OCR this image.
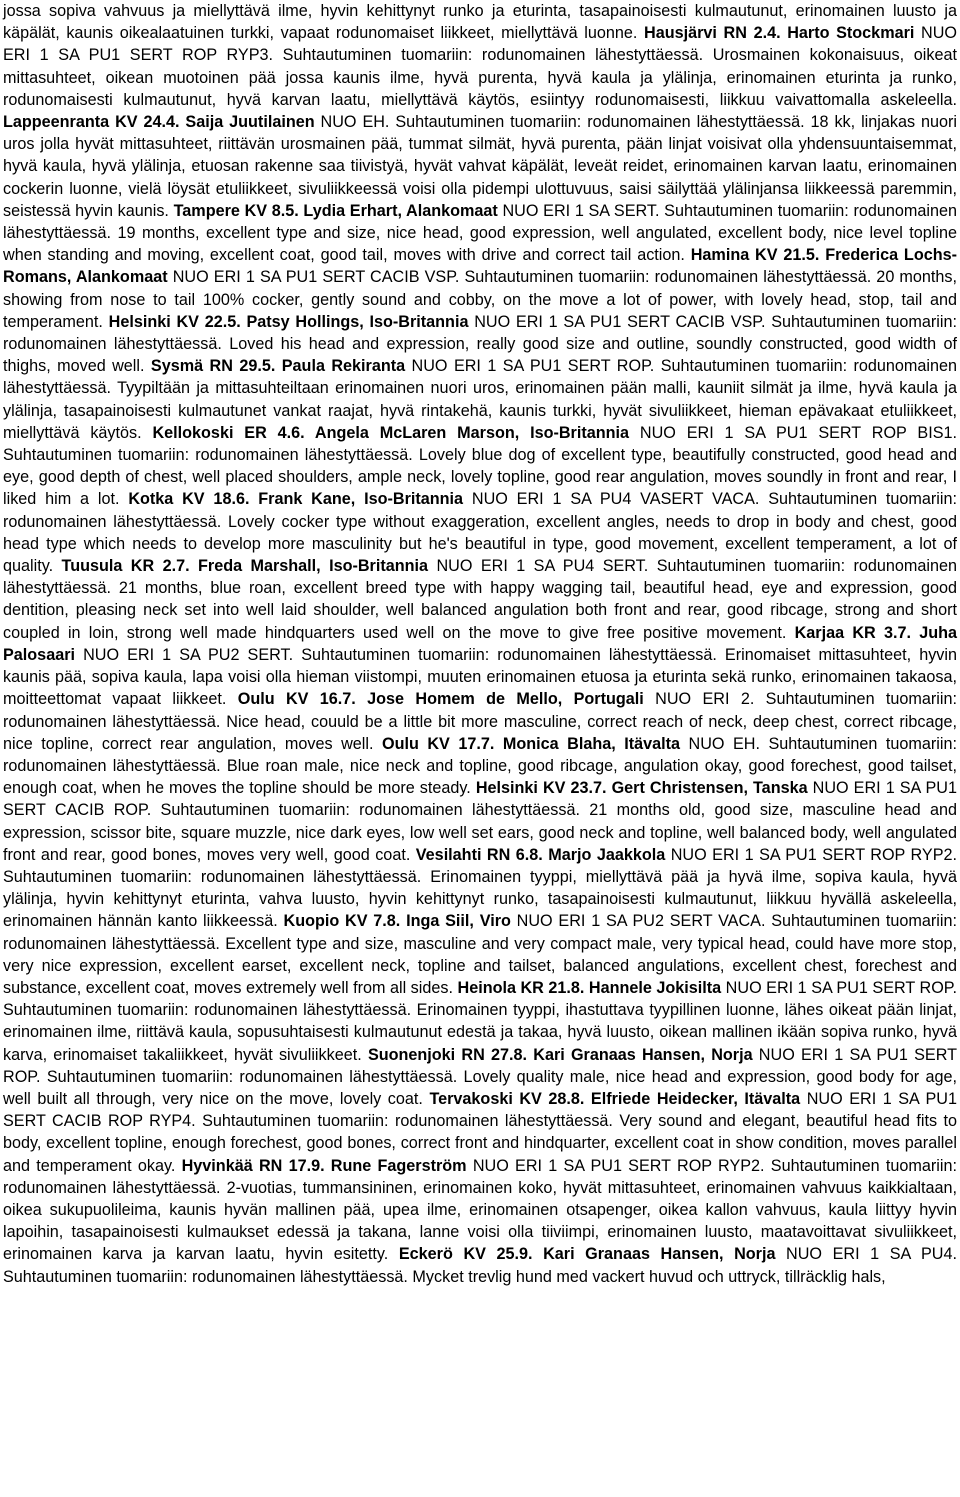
jossa sopiva vahvuus ja miellyttävä ilme, hyvin kehittynyt runko ja eturinta, tasapainoisesti kulmautunut, erinomainen luusto ja käpälät, kaunis oikealaatuinen turkki, vapaat rodunomaiset liikkeet, miellyttävä luonne. Hausjärvi RN 2.4. Harto Stockmari NUO ERI 1 SA PU1 SERT ROP RYP3. Suhtautuminen tuomariin: rodunomainen lähestyttäessä. Urosmainen kokonaisuus, oikeat mittasuhteet, oikean muotoinen pää jossa kaunis ilme, hyvä purenta, hyvä kaula ja ylälinja, erinomainen eturinta ja runko, rodunomaisesti kulmautunut, hyvä karvan laatu, miellyttävä käytös, esiintyy rodunomaisesti, liikkuu vaivattomalla askeleella. Lappeenranta KV 24.4. Saija Juutilainen NUO EH. Suhtautuminen tuomariin: rodunomainen lähestyttäessä. 18 kk, linjakas nuori uros jolla hyvät mittasuhteet, riittävän urosmainen pää, tummat silmät, hyvä purenta, pään linjat voisivat olla yhdensuuntaisemmat, hyvä kaula, hyvä ylälinja, etuosan rakenne saa tiivistyä, hyvät vahvat käpälät, leveät reidet, erinomainen karvan laatu, erinomainen cockerin luonne, vielä löysät etuliikkeet, sivuliikkeessä voisi olla pidempi ulottuvuus, saisi säilyttää ylälinjansa liikkeessä paremmin, seistessä hyvin kaunis. Tampere KV 8.5. Lydia Erhart, Alankomaat NUO ERI 1 SA SERT. Suhtautuminen tuomariin: rodunomainen lähestyttäessä. 19 months, excellent type and size, nice head, good expression, well angulated, excellent body, nice level topline when standing and moving, excellent coat, good tail, moves with drive and correct tail action. Hamina KV 21.5. Frederica Lochs-Romans, Alankomaat NUO ERI 1 SA PU1 SERT CACIB VSP. Suhtautuminen tuomariin: rodunomainen lähestyttäessä. 20 months, showing from nose to tail 100% cocker, gently sound and cobby, on the move a lot of power, with lovely head, stop, tail and temperament. Helsinki KV 22.5. Patsy Hollings, Iso-Britannia NUO ERI 1 SA PU1 SERT CACIB VSP. Suhtautuminen tuomariin: rodunomainen lähestyttäessä. Loved his head and expression, really good size and outline, soundly constructed, good width of thighs, moved well. Sysmä RN 29.5. Paula Rekiranta NUO ERI 1 SA PU1 SERT ROP. Suhtautuminen tuomariin: rodunomainen lähestyttäessä. Tyypiltään ja mittasuhteiltaan erinomainen nuori uros, erinomainen pään malli, kauniit silmät ja ilme, hyvä kaula ja ylälinja, tasapainoisesti kulmautunet vankat raajat, hyvä rintakehä, kaunis turkki, hyvät sivuliikkeet, hieman epävakaat etuliikkeet, miellyttävä käytös. Kellokoski ER 4.6. Angela McLaren Marson, Iso-Britannia NUO ERI 1 SA PU1 SERT ROP BIS1. Suhtautuminen tuomariin: rodunomainen lähestyttäessä. Lovely blue dog of excellent type, beautifully constructed, good head and eye, good depth of chest, well placed shoulders, ample neck, lovely topline, good rear angulation, moves soundly in front and rear, I liked him a lot. Kotka KV 18.6. Frank Kane, Iso-Britannia NUO ERI 1 SA PU4 VASERT VACA. Suhtautuminen tuomariin: rodunomainen lähestyttäessä. Lovely cocker type without exaggeration, excellent angles, needs to drop in body and chest, good head type which needs to develop more masculinity but he's beautiful in type, good movement, excellent temperament, a lot of quality. Tuusula KR 2.7. Freda Marshall, Iso-Britannia NUO ERI 1 SA PU4 SERT. Suhtautuminen tuomariin: rodunomainen lähestyttäessä. 21 months, blue roan, excellent breed type with happy wagging tail, beautiful head, eye and expression, good dentition, pleasing neck set into well laid shoulder, well balanced angulation both front and rear, good ribcage, strong and short coupled in loin, strong well made hindquarters used well on the move to give free positive movement. Karjaa KR 3.7. Juha Palosaari NUO ERI 1 SA PU2 SERT. Suhtautuminen tuomariin: rodunomainen lähestyttäessä. Erinomaiset mittasuhteet, hyvin kaunis pää, sopiva kaula, lapa voisi olla hieman viistompi, muuten erinomainen etuosa ja eturinta sekä runko, erinomainen takaosa, moitteettomat vapaat liikkeet. Oulu KV 16.7. Jose Homem de Mello, Portugali NUO ERI 2. Suhtautuminen tuomariin: rodunomainen lähestyttäessä. Nice head, couuld be a little bit more masculine, correct reach of neck, deep chest, correct ribcage, nice topline, correct rear angulation, moves well. Oulu KV 17.7. Monica Blaha, Itävalta NUO EH. Suhtautuminen tuomariin: rodunomainen lähestyttäessä. Blue roan male, nice neck and topline, good ribcage, angulation okay, good forechest, good tailset, enough coat, when he moves the topline should be more steady. Helsinki KV 23.7. Gert Christensen, Tanska NUO ERI 1 SA PU1 SERT CACIB ROP. Suhtautuminen tuomariin: rodunomainen lähestyttäessä. 21 months old, good size, masculine head and expression, scissor bite, square muzzle, nice dark eyes, low well set ears, good neck and topline, well balanced body, well angulated front and rear, good bones, moves very well, good coat. Vesilahti RN 6.8. Marjo Jaakkola NUO ERI 1 SA PU1 SERT ROP RYP2. Suhtautuminen tuomariin: rodunomainen lähestyttäessä. Erinomainen tyyppi, miellyttävä pää ja hyvä ilme, sopiva kaula, hyvä ylälinja, hyvin kehittynyt eturinta, vahva luusto, hyvin kehittynyt runko, tasapainoisesti kulmautunut, liikkuu hyvällä askeleella, erinomainen hännän kanto liikkeessä. Kuopio KV 7.8. Inga Siil, Viro NUO ERI 1 SA PU2 SERT VACA. Suhtautuminen tuomariin: rodunomainen lähestyttäessä. Excellent type and size, masculine and very compact male, very typical head, could have more stop, very nice expression, excellent earset, excellent neck, topline and tailset, balanced angulations, excellent chest, forechest and substance, excellent coat, moves extremely well from all sides. Heinola KR 21.8. Hannele Jokisilta NUO ERI 1 SA PU1 SERT ROP. Suhtautuminen tuomariin: rodunomainen lähestyttäessä. Erinomainen tyyppi, ihastuttava tyypillinen luonne, lähes oikeat pään linjat, erinomainen ilme, riittävä kaula, sopusuhtaisesti kulmautunut edestä ja takaa, hyvä luusto, oikean mallinen ikään sopiva runko, hyvä karva, erinomaiset takaliikkeet, hyvät sivuliikkeet. Suonenjoki RN 27.8. Kari Granaas Hansen, Norja NUO ERI 1 SA PU1 SERT ROP. Suhtautuminen tuomariin: rodunomainen lähestyttäessä. Lovely quality male, nice head and expression, good body for age, well built all through, very nice on the move, lovely coat. Tervakoski KV 28.8. Elfriede Heidecker, Itävalta NUO ERI 1 SA PU1 SERT CACIB ROP RYP4. Suhtautuminen tuomariin: rodunomainen lähestyttäessä. Very sound and elegant, beautiful head fits to body, excellent topline, enough forechest, good bones, correct front and hindquarter, excellent coat in show condition, moves parallel and temperament okay. Hyvinkää RN 17.9. Rune Fagerström NUO ERI 1 SA PU1 SERT ROP RYP2. Suhtautuminen tuomariin: rodunomainen lähestyttäessä. 2-vuotias, tummansininen, erinomainen koko, hyvät mittasuhteet, erinomainen vahvuus kaikkialtaan, oikea sukupuolileima, kaunis hyvän mallinen pää, upea ilme, erinomainen otsapenger, oikea kallon vahvuus, kaula liittyy hyvin lapoihin, tasapainoisesti kulmaukset edessä ja takana, lanne voisi olla tiiviimpi, erinomainen luusto, maatavoittavat sivuliikkeet, erinomainen karva ja karvan laatu, hyvin esitetty. Eckerö KV 25.9. Kari Granaas Hansen, Norja NUO ERI 1 SA PU4. Suhtautuminen tuomariin: rodunomainen lähestyttäessä. Mycket trevlig hund med vackert huvud och uttryck, tillräcklig hals,
